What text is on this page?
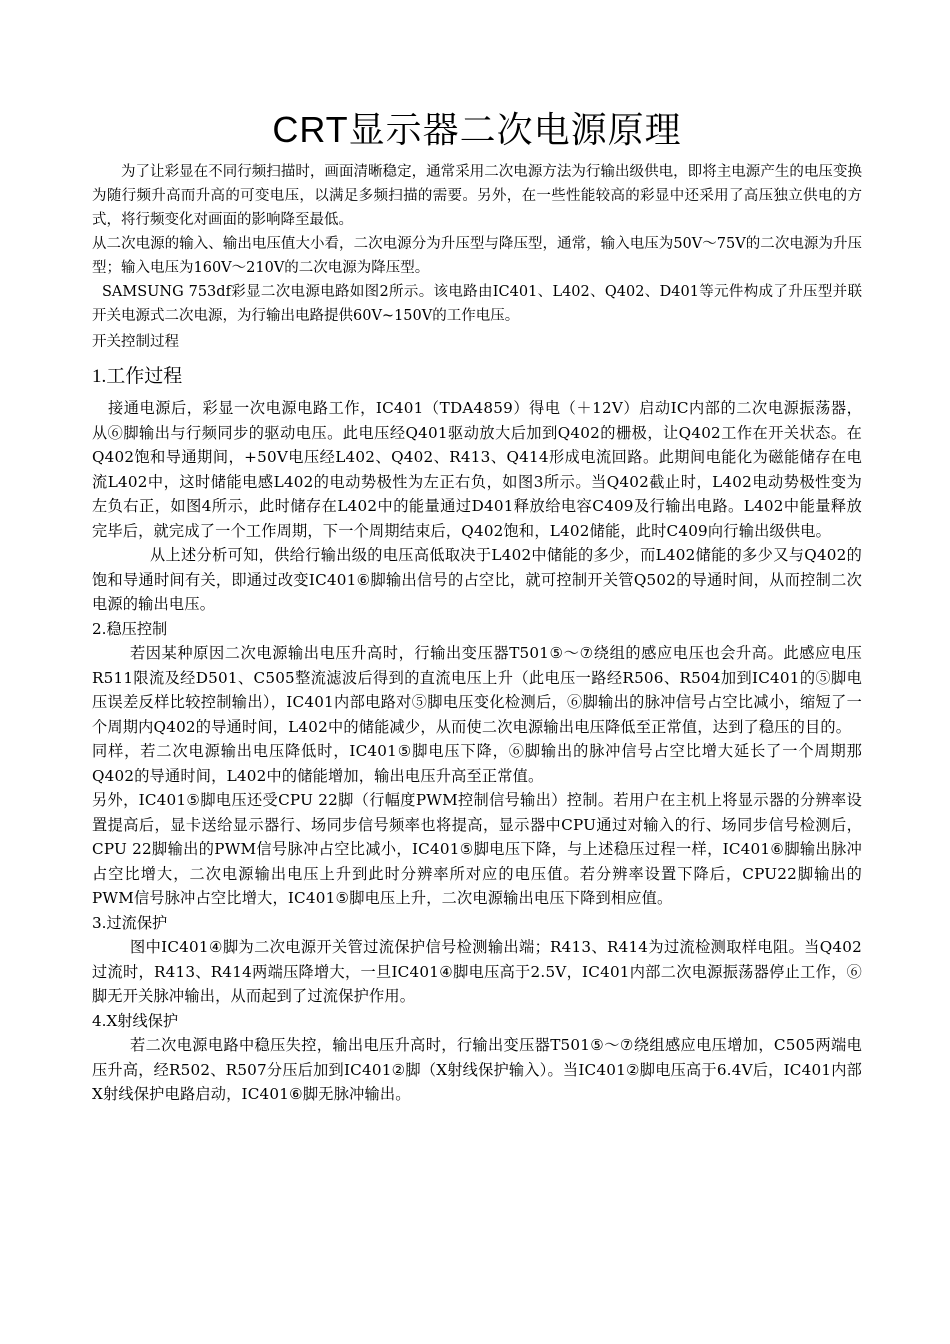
CRT显示器二次电源原理

为了让彩显在不同行频扫描时，画面清晰稳定，通常采用二次电源方法为行输出级供电，即将主电源产生的电压变换为随行频升高而升高的可变电压，以满足多频扫描的需要。另外，在一些性能较高的彩显中还采用了高压独立供电的方式，将行频变化对画面的影响降至最低。

从二次电源的输入、输出电压值大小看，二次电源分为升压型与降压型，通常，输入电压为50V～75V的二次电源为升压型；输入电压为160V～210V的二次电源为降压型。

SAMSUNG 753df彩显二次电源电路如图2所示。该电路由IC401、L402、Q402、D401等元件构成了升压型并联开关电源式二次电源，为行输出电路提供60V~150V的工作电压。

开关控制过程

1.工作过程

接通电源后，彩显一次电源电路工作，IC401（TDA4859）得电（＋12V）启动IC内部的二次电源振荡器，从⑥脚输出与行频同步的驱动电压。此电压经Q401驱动放大后加到Q402的栅极，让Q402工作在开关状态。在Q402饱和导通期间，+50V电压经L402、Q402、R413、Q414形成电流回路。此期间电能化为磁能储存在电流L402中，这时储能电感L402的电动势极性为左正右负，如图3所示。当Q402截止时，L402电动势极性变为左负右正，如图4所示，此时储存在L402中的能量通过D401释放给电容C409及行输出电路。L402中能量释放完毕后，就完成了一个工作周期，下一个周期结束后，Q402饱和，L402储能，此时C409向行输出级供电。

从上述分析可知，供给行输出级的电压高低取决于L402中储能的多少，而L402储能的多少又与Q402的饱和导通时间有关，即通过改变IC401⑥脚输出信号的占空比，就可控制开关管Q502的导通时间，从而控制二次电源的输出电压。

2.稳压控制

若因某种原因二次电源输出电压升高时，行输出变压器T501⑤～⑦绕组的感应电压也会升高。此感应电压R511限流及经D501、C505整流滤波后得到的直流电压上升（此电压一路经R506、R504加到IC401的⑤脚电压误差反样比较控制输出），IC401内部电路对⑤脚电压变化检测后，⑥脚输出的脉冲信号占空比减小，缩短了一个周期内Q402的导通时间，L402中的储能减少，从而使二次电源输出电压降低至正常值，达到了稳压的目的。

同样，若二次电源输出电压降低时，IC401⑤脚电压下降，⑥脚输出的脉冲信号占空比增大延长了一个周期那Q402的导通时间，L402中的储能增加，输出电压升高至正常值。

另外，IC401⑤脚电压还受CPU 22脚（行幅度PWM控制信号输出）控制。若用户在主机上将显示器的分辨率设置提高后，显卡送给显示器行、场同步信号频率也将提高，显示器中CPU通过对输入的行、场同步信号检测后，CPU 22脚输出的PWM信号脉冲占空比减小，IC401⑤脚电压下降，与上述稳压过程一样，IC401⑥脚输出脉冲占空比增大，二次电源输出电压上升到此时分辨率所对应的电压值。若分辨率设置下降后，CPU22脚输出的PWM信号脉冲占空比增大，IC401⑤脚电压上升，二次电源输出电压下降到相应值。

3.过流保护

图中IC401④脚为二次电源开关管过流保护信号检测输出端；R413、R414为过流检测取样电阻。当Q402过流时，R413、R414两端压降增大，一旦IC401④脚电压高于2.5V，IC401内部二次电源振荡器停止工作，⑥脚无开关脉冲输出，从而起到了过流保护作用。

4.X射线保护

若二次电源电路中稳压失控，输出电压升高时，行输出变压器T501⑤～⑦绕组感应电压增加，C505两端电压升高，经R502、R507分压后加到IC401②脚（X射线保护输入）。当IC401②脚电压高于6.4V后，IC401内部X射线保护电路启动，IC401⑥脚无脉冲输出。
